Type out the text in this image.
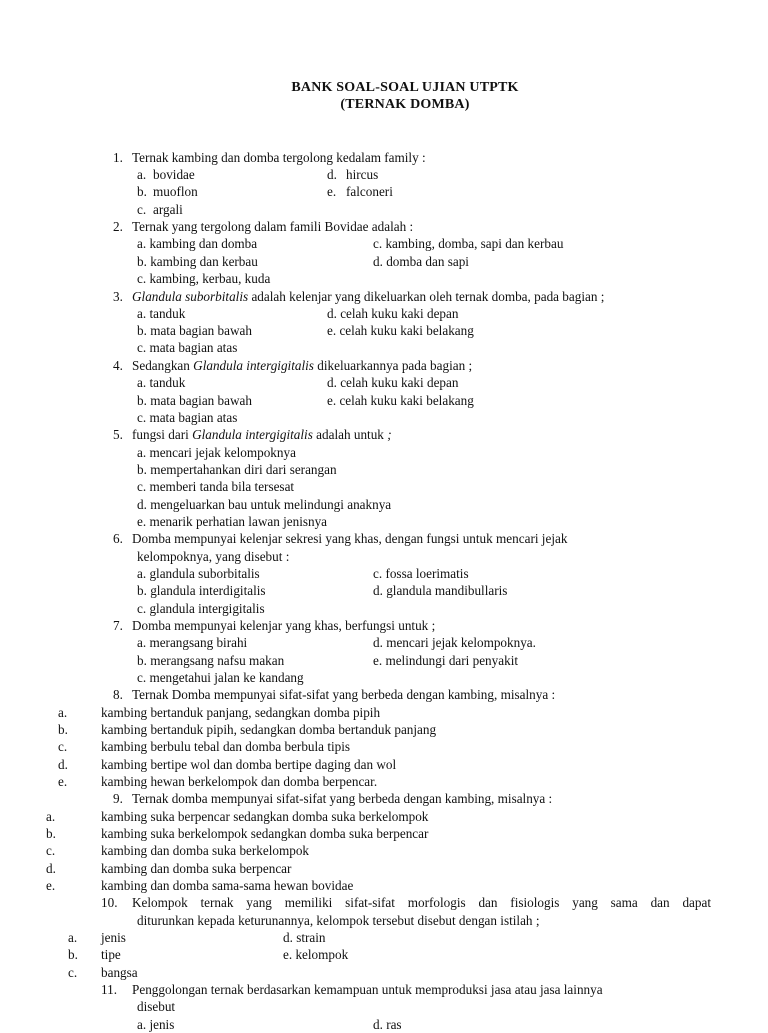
BANK SOAL-SOAL UJIAN UTPTK
(TERNAK DOMBA)
1. Ternak kambing dan domba tergolong kedalam family :
a. bovidae	d. hircus
b. muoflon	e. falconeri
c. argali
2. Ternak yang tergolong dalam famili Bovidae adalah :
a. kambing dan domba	c. kambing, domba, sapi dan kerbau
b. kambing dan kerbau	d. domba dan sapi
c. kambing, kerbau, kuda
3. Glandula suborbitalis adalah kelenjar yang dikeluarkan oleh ternak domba, pada bagian ;
a. tanduk	d. celah kuku kaki depan
b. mata bagian bawah	e. celah kuku kaki belakang
c. mata bagian atas
4. Sedangkan Glandula intergigitalis dikeluarkannya pada bagian ;
a. tanduk	d. celah kuku kaki depan
b. mata bagian bawah	e. celah kuku kaki belakang
c. mata bagian atas
5. fungsi dari Glandula intergigitalis adalah untuk ;
a. mencari jejak kelompoknya
b. mempertahankan diri dari serangan
c. memberi tanda bila tersesat
d. mengeluarkan bau untuk melindungi anaknya
e. menarik perhatian lawan jenisnya
6. Domba mempunyai kelenjar sekresi yang khas, dengan fungsi untuk mencari jejak
kelompoknya, yang disebut :
a. glandula suborbitalis	c. fossa loerimatis
b. glandula interdigitalis	d. glandula mandibullaris
c. glandula intergigitalis
7. Domba mempunyai kelenjar yang khas, berfungsi untuk ;
a. merangsang birahi	d. mencari jejak kelompoknya.
b. merangsang nafsu makan	e. melindungi dari penyakit
c. mengetahui jalan ke kandang
8. Ternak Domba mempunyai sifat-sifat yang berbeda dengan kambing, misalnya :
a.	kambing bertanduk panjang, sedangkan domba pipih
b.	kambing bertanduk pipih, sedangkan domba bertanduk panjang
c.	kambing berbulu tebal dan domba berbula tipis
d.	kambing bertipe wol dan domba bertipe daging dan wol
e.	kambing hewan berkelompok dan domba berpencar.
9. Ternak domba mempunyai sifat-sifat yang berbeda dengan kambing, misalnya :
a.	kambing suka berpencar sedangkan domba suka berkelompok
b.	kambing suka berkelompok sedangkan domba suka berpencar
c.	kambing dan domba suka berkelompok
d.	kambing dan domba suka berpencar
e.	kambing dan domba sama-sama hewan bovidae
10. Kelompok ternak yang memiliki sifat-sifat morfologis dan fisiologis yang sama dan dapat
diturunkan kepada keturunannya, kelompok tersebut disebut dengan istilah ;
a. jenis	d. strain
b. tipe	e. kelompok
c. bangsa
11. Penggolongan ternak berdasarkan kemampuan untuk memproduksi jasa atau jasa lainnya
disebut
a. jenis	d. ras
